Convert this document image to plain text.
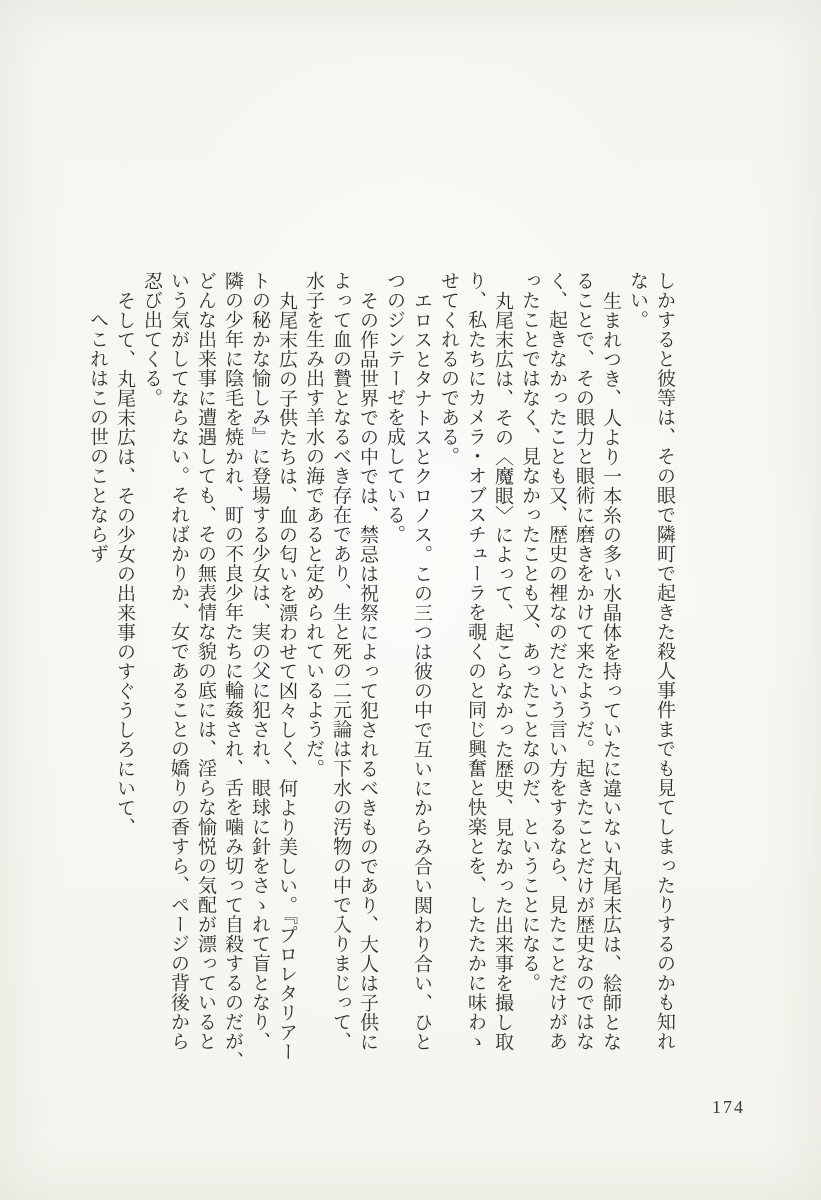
しかすると彼等は、その眼で隣町で起きた殺人事件までも見てしまったりするのかも知れ
ない。
生まれつき、人より一本糸の多い水晶体を持っていたに違いない丸尾末広は、絵師とな
ることで、その眼力と眼術に磨きをかけて来たようだ。起きたことだけが歴史なのではな
く、起きなかったことも又、歴史の裡なのだという言い方をするなら、見たことだけがあ
ったことではなく、見なかったことも又、あったことなのだ、ということになる。
丸尾末広は、その〈魔眼〉によって、起こらなかった歴史、見なかった出来事を撮し取
り、私たちにカメラ・オブスチューラを覗くのと同じ興奮と快楽とを、したたかに味わゝ
せてくれるのである。
エロスとタナトスとクロノス。この三つは彼の中で互いにからみ合い関わり合い、ひと
つのジンテーゼを成している。
その作品世界での中では、禁忌は祝祭によって犯されるべきものであり、大人は子供に
よって血の贄となるべき存在であり、生と死の二元論は下水の汚物の中で入りまじって、
水子を生み出す羊水の海であると定められているようだ。
丸尾末広の子供たちは、血の匂いを漂わせて凶々しく、何より美しい。『プロレタリアー
トの秘かな愉しみ』に登場する少女は、実の父に犯され、眼球に針をさゝれて盲となり、
隣の少年に陰毛を焼かれ、町の不良少年たちに輪姦され、舌を噛み切って自殺するのだが、
どんな出来事に遭遇しても、その無表情な貌の底には、淫らな愉悦の気配が漂っていると
いう気がしてならない。そればかりか、女であることの嬌りの香すら、ページの背後から
忍び出てくる。
そして、丸尾末広は、その少女の出来事のすぐうしろにいて、
へこれはこの世のことならず
174
